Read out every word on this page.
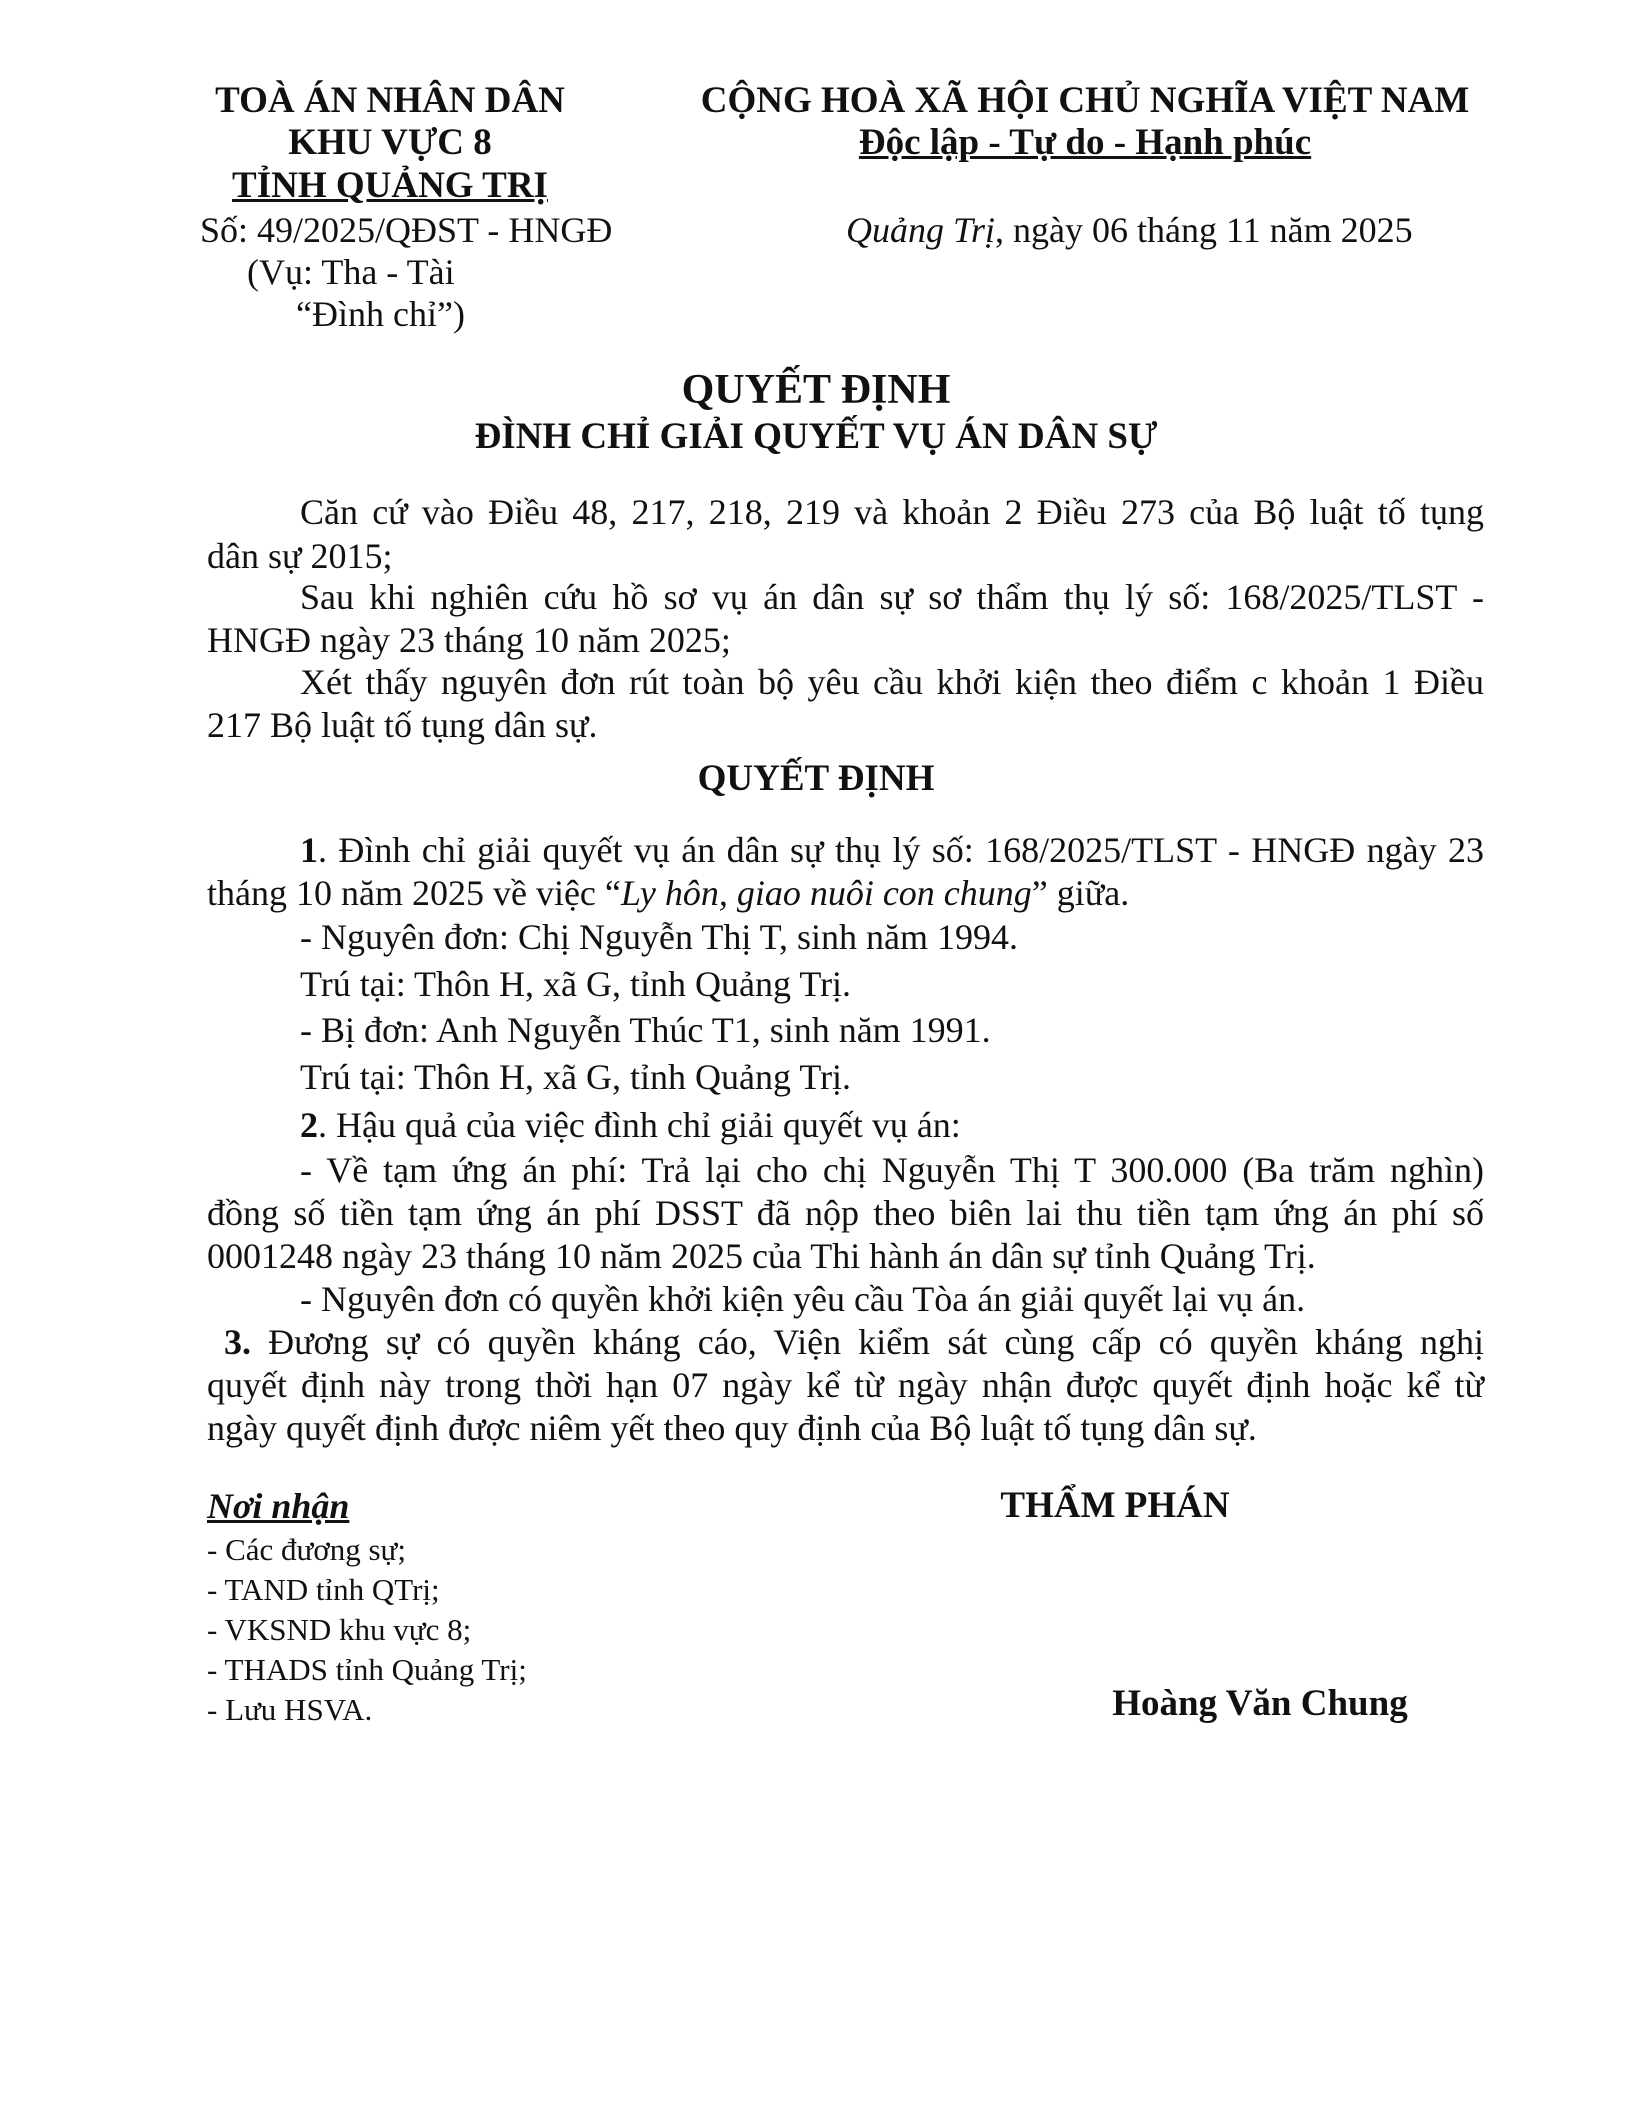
TOÀ ÁN NHÂN DÂN
KHU VỰC 8
TỈNH QUẢNG TRỊ
Số: 49/2025/QĐST - HNGĐ
(Vụ: Tha - Tài
“Đình chỉ”)
CỘNG HOÀ XÃ HỘI CHỦ NGHĨA VIỆT NAM
Độc lập - Tự do - Hạnh phúc
Quảng Trị, ngày 06 tháng 11 năm 2025
QUYẾT ĐỊNH
ĐÌNH CHỈ GIẢI QUYẾT VỤ ÁN DÂN SỰ
Căn cứ vào Điều 48, 217, 218, 219 và khoản 2 Điều 273 của Bộ luật tố tụng
dân sự 2015;
Sau khi nghiên cứu hồ sơ vụ án dân sự sơ thẩm thụ lý số: 168/2025/TLST -
HNGĐ ngày 23 tháng 10 năm 2025;
Xét thấy nguyên đơn rút toàn bộ yêu cầu khởi kiện theo điểm c khoản 1 Điều
217 Bộ luật tố tụng dân sự.
QUYẾT ĐỊNH
1. Đình chỉ giải quyết vụ án dân sự thụ lý số: 168/2025/TLST - HNGĐ ngày 23
tháng 10 năm 2025 về việc “Ly hôn, giao nuôi con chung” giữa.
- Nguyên đơn: Chị Nguyễn Thị T, sinh năm 1994.
Trú tại: Thôn H, xã G, tỉnh Quảng Trị.
- Bị đơn: Anh Nguyễn Thúc T1, sinh năm 1991.
Trú tại: Thôn H, xã G, tỉnh Quảng Trị.
2. Hậu quả của việc đình chỉ giải quyết vụ án:
- Về tạm ứng án phí: Trả lại cho chị Nguyễn Thị T 300.000 (Ba trăm nghìn)
đồng số tiền tạm ứng án phí DSST đã nộp theo biên lai thu tiền tạm ứng án phí số
0001248 ngày 23 tháng 10 năm 2025 của Thi hành án dân sự tỉnh Quảng Trị.
- Nguyên đơn có quyền khởi kiện yêu cầu Tòa án giải quyết lại vụ án.
3. Đương sự có quyền kháng cáo, Viện kiểm sát cùng cấp có quyền kháng nghị
quyết định này trong thời hạn 07 ngày kể từ ngày nhận được quyết định hoặc kể từ
ngày quyết định được niêm yết theo quy định của Bộ luật tố tụng dân sự.
Nơi nhận
- Các đương sự;
- TAND tỉnh QTrị;
- VKSND khu vực 8;
- THADS tỉnh Quảng Trị;
- Lưu HSVA.
THẨM PHÁN
Hoàng Văn Chung
